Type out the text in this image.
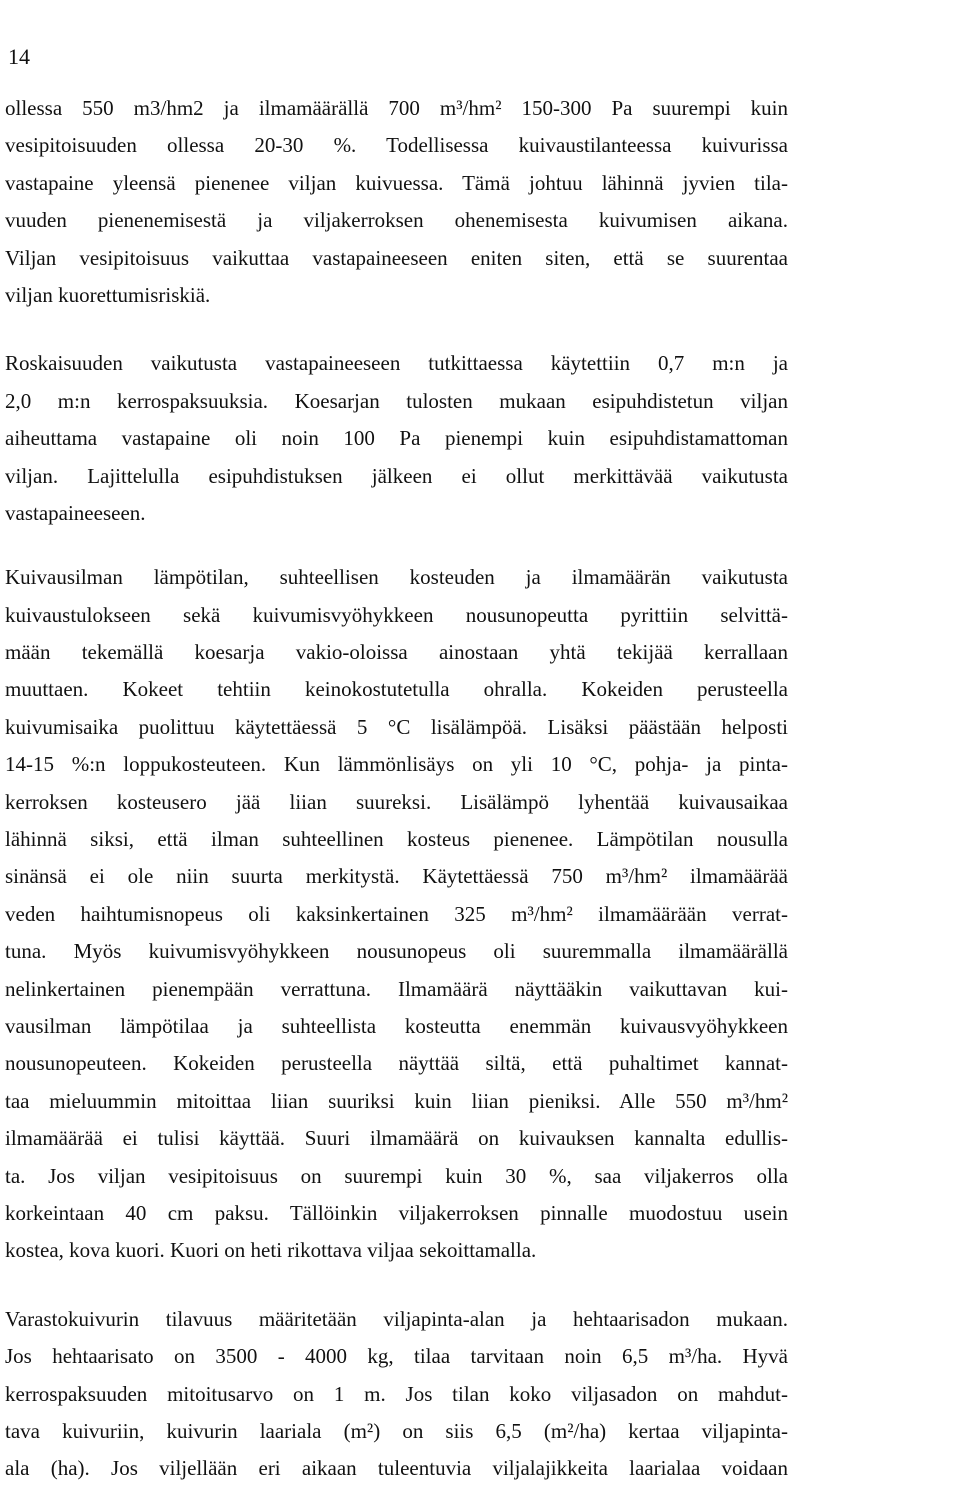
14
ollessa 550 m3/hm2 ja ilmamäärällä 700 m³/hm² 150-300 Pa suurempi kuin
vesipitoisuuden ollessa 20-30 %. Todellisessa kuivaustilanteessa kuivurissa
vastapaine yleensä pienenee viljan kuivuessa. Tämä johtuu lähinnä jyvien tila-
vuuden pienenemisestä ja viljakerroksen ohenemisesta kuivumisen aikana.
Viljan vesipitoisuus vaikuttaa vastapaineeseen eniten siten, että se suurentaa
viljan kuorettumisriskiä.
Roskaisuuden vaikutusta vastapaineeseen tutkittaessa käytettiin 0,7 m:n ja
2,0 m:n kerrospaksuuksia. Koesarjan tulosten mukaan esipuhdistetun viljan
aiheuttama vastapaine oli noin 100 Pa pienempi kuin esipuhdistamattoman
viljan. Lajittelulla esipuhdistuksen jälkeen ei ollut merkittävää vaikutusta
vastapaineeseen.
Kuivausilman lämpötilan, suhteellisen kosteuden ja ilmamäärän vaikutusta
kuivaustulokseen sekä kuivumisvyöhykkeen nousunopeutta pyrittiin selvittä-
mään tekemällä koesarja vakio-oloissa ainostaan yhtä tekijää kerrallaan
muuttaen. Kokeet tehtiin keinokostutetulla ohralla. Kokeiden perusteella
kuivumisaika puolittuu käytettäessä 5 °C lisälämpöä. Lisäksi päästään helposti
14-15 %:n loppukosteuteen. Kun lämmönlisäys on yli 10 °C, pohja- ja pinta-
kerroksen kosteusero jää liian suureksi. Lisälämpö lyhentää kuivausaikaa
lähinnä siksi, että ilman suhteellinen kosteus pienenee. Lämpötilan nousulla
sinänsä ei ole niin suurta merkitystä. Käytettäessä 750 m³/hm² ilmamäärää
veden haihtumisnopeus oli kaksinkertainen 325 m³/hm² ilmamäärään verrat-
tuna. Myös kuivumisvyöhykkeen nousunopeus oli suuremmalla ilmamäärällä
nelinkertainen pienempään verrattuna. Ilmamäärä näyttääkin vaikuttavan kui-
vausilman lämpötilaa ja suhteellista kosteutta enemmän kuivausvyöhykkeen
nousunopeuteen. Kokeiden perusteella näyttää siltä, että puhaltimet kannat-
taa mieluummin mitoittaa liian suuriksi kuin liian pieniksi. Alle 550 m³/hm²
ilmamäärää ei tulisi käyttää. Suuri ilmamäärä on kuivauksen kannalta edullis-
ta. Jos viljan vesipitoisuus on suurempi kuin 30 %, saa viljakerros olla
korkeintaan 40 cm paksu. Tällöinkin viljakerroksen pinnalle muodostuu usein
kostea, kova kuori. Kuori on heti rikottava viljaa sekoittamalla.
Varastokuivurin tilavuus määritetään viljapinta-alan ja hehtaarisadon mukaan.
Jos hehtaarisato on 3500 - 4000 kg, tilaa tarvitaan noin 6,5 m³/ha. Hyvä
kerrospaksuuden mitoitusarvo on 1 m. Jos tilan koko viljasadon on mahdut-
tava kuivuriin, kuivurin laariala (m²) on siis 6,5 (m²/ha) kertaa viljapinta-
ala (ha). Jos viljellään eri aikaan tuleentuvia viljalajikkeita laarialaa voidaan
